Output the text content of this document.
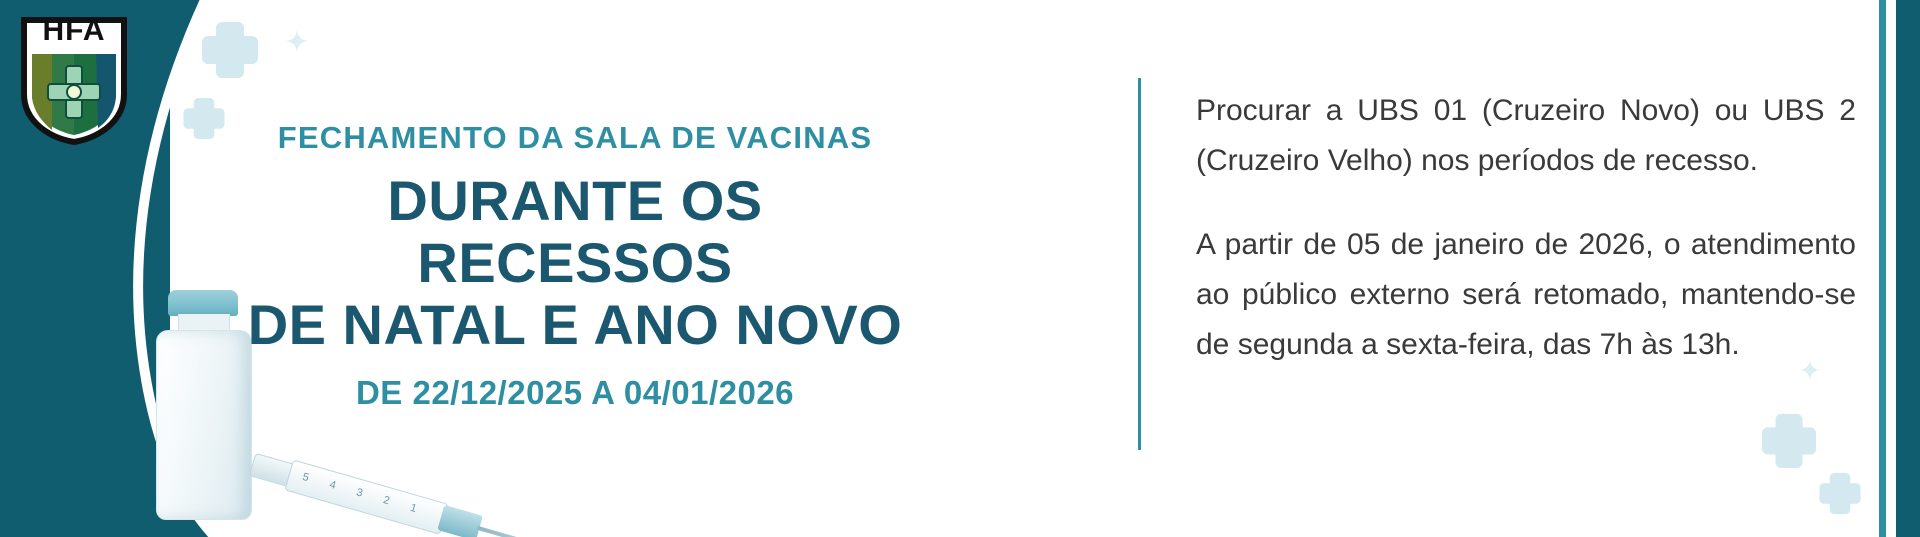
HFA
5
4
3
2
1
FECHAMENTO DA SALA DE VACINAS
DURANTE OS RECESSOS
DE NATAL E ANO NOVO
DE 22/12/2025 A 04/01/2026

Procurar a UBS 01 (Cruzeiro Novo) ou UBS 2 (Cruzeiro Velho) nos períodos de recesso.

A partir de 05 de janeiro de 2026, o atendimento ao público externo será retomado, mantendo-se de segunda a sexta-feira, das 7h às 13h.
